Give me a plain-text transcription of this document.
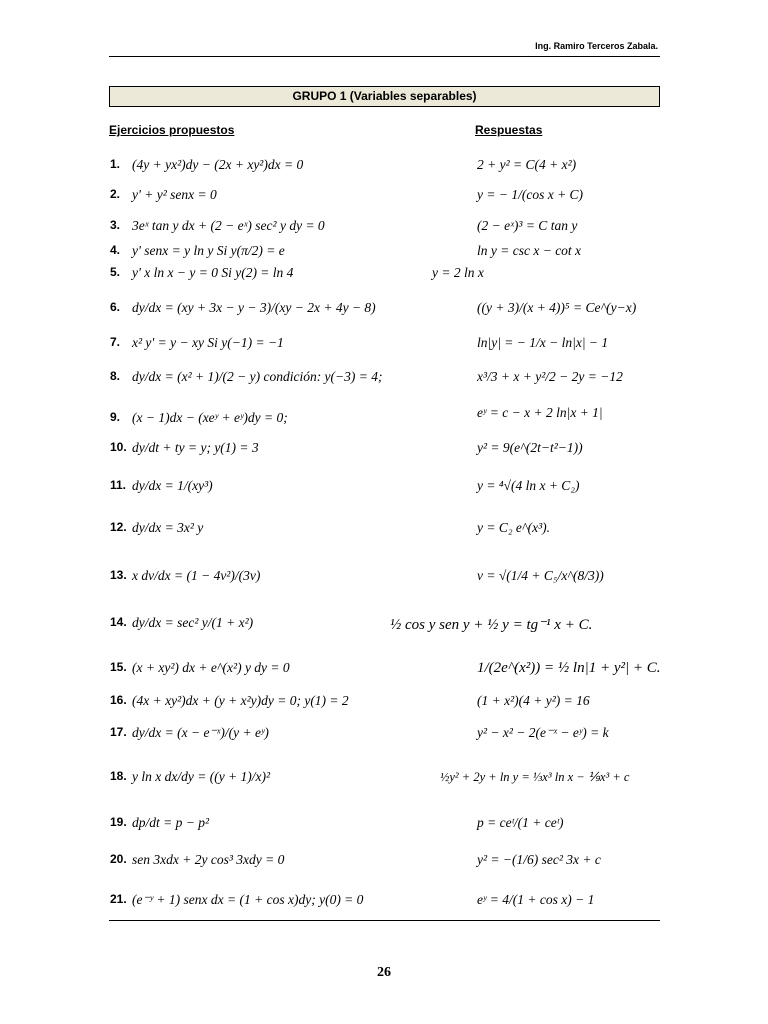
Ing. Ramiro Terceros Zabala.
GRUPO 1 (Variables separables)
Ejercicios propuestos	Respuestas
1. (4y + yx²)dy − (2x + xy²)dx = 0	2 + y² = C(4 + x²)
2. y' + y² senx = 0	y = − 1/(cos x + C)
3. 3eˣ tan y dx + (2 − eˣ) sec² y dy = 0	(2 − eˣ)³ = C tan y
4. y' senx = y ln y Si y(π/2) = e	ln y = csc x − cot x
5. y' x ln x − y = 0 Si y(2) = ln 4	y = 2 ln x
6. dy/dx = (xy + 3x − y − 3)/(xy − 2x + 4y − 8)	((y + 3)/(x + 4))⁵ = Ce^(y−x)
7. x² y' = y − xy Si y(−1) = −1	ln|y| = − 1/x − ln|x| − 1
8. dy/dx = (x² + 1)/(2 − y) condición: y(−3) = 4;	x³/3 + x + y²/2 − 2y = −12
9. (x − 1)dx − (xeʸ + eʸ)dy = 0;	eʸ = c − x + 2 ln|x + 1|
10. dy/dt + ty = y; y(1) = 3	y² = 9(e^(2t−t²−1))
11. dy/dx = 1/(xy³)	y = ⁴√(4 ln x + C₂)
12. dy/dx = 3x² y	y = C₂ e^(x³).
13. x dv/dx = (1 − 4v²)/(3v)	v = √(1/4 + C₅/x^(8/3))
14. dy/dx = sec² y/(1 + x²)	½ cos y sen y + ½ y = tg⁻¹ x + C.
15. (x + xy²) dx + e^(x²) y dy = 0	1/(2e^(x²)) = ½ ln|1 + y²| + C.
16. (4x + xy²)dx + (y + x²y)dy = 0; y(1) = 2	(1 + x²)(4 + y²) = 16
17. dy/dx = (x − e⁻ˣ)/(y + eʸ)	y² − x² − 2(e⁻ˣ − eʸ) = k
18. y ln x dx/dy = ((y + 1)/x)²	½y² + 2y + ln y = ⅓x³ ln x − ⅑x³ + c
19. dp/dt = p − p²	p = ceᵗ/(1 + ceᵗ)
20. sen 3xdx + 2y cos³ 3xdy = 0	y² = −(1/6) sec² 3x + c
21. (e⁻ʸ + 1) senx dx = (1 + cos x)dy; y(0) = 0	eʸ = 4/(1 + cos x) − 1
26
